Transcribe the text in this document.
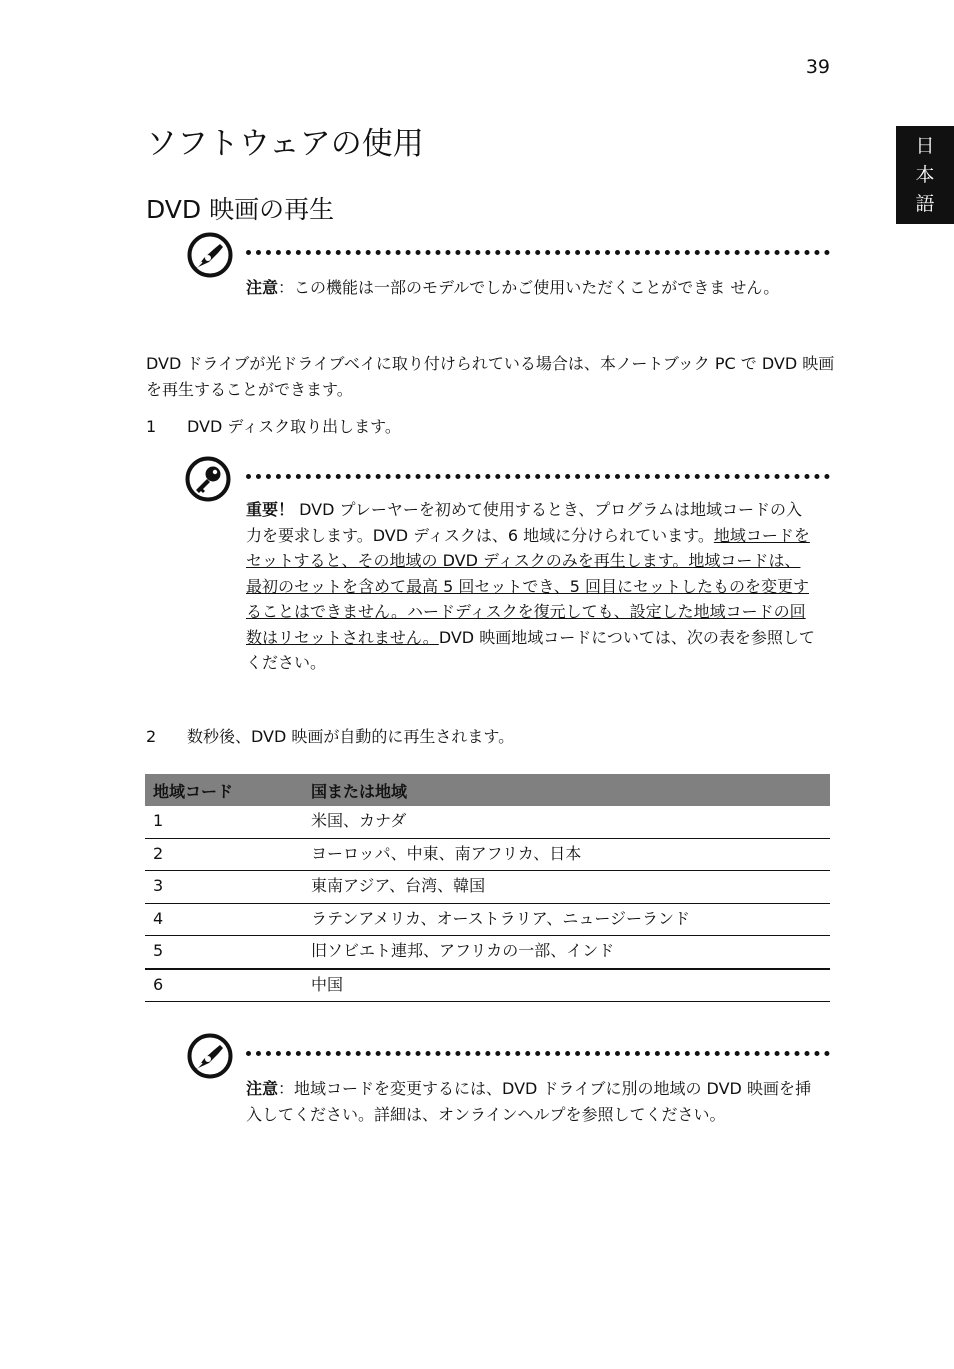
39
日
本
語
ソフトウェアの使用
DVD 映画の再生
注意：この機能は一部のモデルでしかご使用いただくことができま せん。
DVD ドライブが光ドライブベイに取り付けられている場合は、本ノートブック PC で DVD 映画を再生することができます。
1 DVD ディスク取り出します。
重要！ DVD プレーヤーを初めて使用するとき、プログラムは地域コードの入力を要求します。DVD ディスクは、6 地域に分けられています。地域コードをセットすると、その地域の DVD ディスクのみを再生します。地域コードは、最初のセットを含めて最高 5 回セットでき、5 回目にセットしたものを変更することはできません。ハードディスクを復元しても、設定した地域コードの回数はリセットされません。DVD 映画地域コードについては、次の表を参照してください。
2 数秒後、DVD 映画が自動的に再生されます。
地域コード	国または地域
1	米国、カナダ
2	ヨーロッパ、中東、南アフリカ、日本
3	東南アジア、台湾、韓国
4	ラテンアメリカ、オーストラリア、ニュージーランド
5	旧ソビエト連邦、アフリカの一部、インド
6	中国
注意：地域コードを変更するには、DVD ドライブに別の地域の DVD 映画を挿入してください。詳細は、オンラインヘルプを参照してください。
